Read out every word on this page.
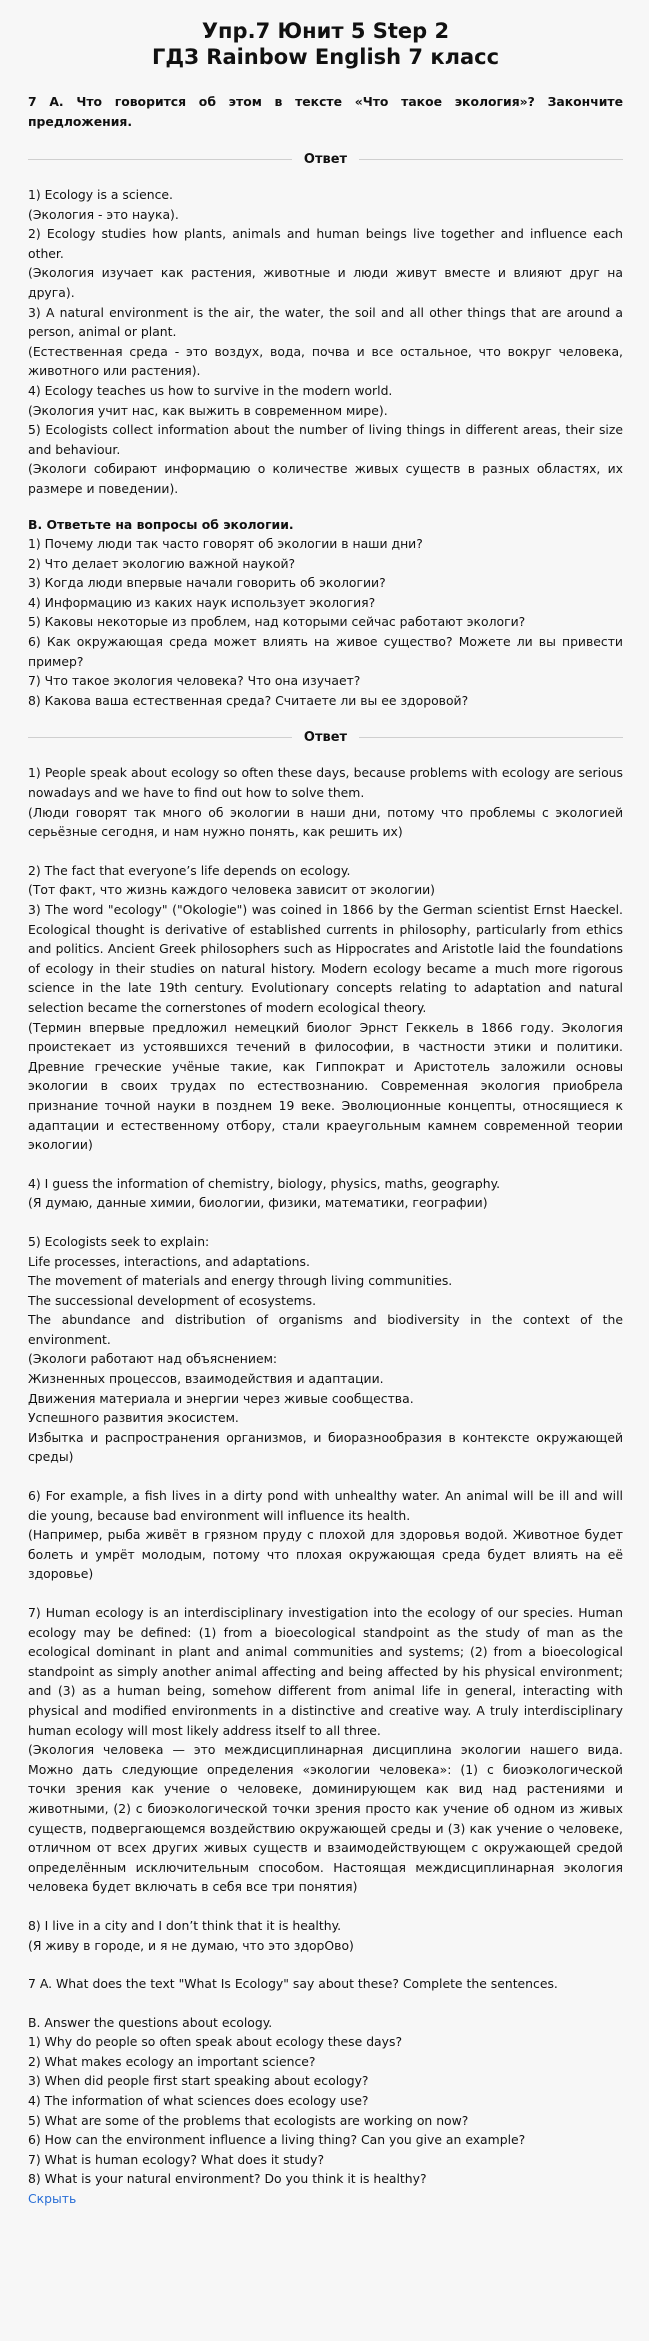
Упр.7 Юнит 5 Step 2
ГДЗ Rainbow English 7 класс

7 А. Что говорится об этом в тексте «Что такое экология»? Закончите предложения.

Ответ

1) Ecology is a science.

(Экология - это наука).

2) Ecology studies how plants, animals and human beings live together and influence each other.

(Экология изучает как растения, животные и люди живут вместе и влияют друг на друга).

3) A natural environment is the air, the water, the soil and all other things that are around a person, animal or plant.

(Естественная среда - это воздух, вода, почва и все остальное, что вокруг человека, животного или растения).

4) Ecology teaches us how to survive in the modern world.

(Экология учит нас, как выжить в современном мире).

5) Ecologists collect information about the number of living things in different areas, their size and behaviour.

(Экологи собирают информацию о количестве живых существ в разных областях, их размере и поведении).

В. Ответьте на вопросы об экологии.

1) Почему люди так часто говорят об экологии в наши дни?

2) Что делает экологию важной наукой?

3) Когда люди впервые начали говорить об экологии?

4) Информацию из каких наук использует экология?

5) Каковы некоторые из проблем, над которыми сейчас работают экологи?

6) Как окружающая среда может влиять на живое существо? Можете ли вы привести пример?

7) Что такое экология человека? Что она изучает?

8) Какова ваша естественная среда? Считаете ли вы ее здоровой?

Ответ

1) People speak about ecology so often these days, because problems with ecology are serious nowadays and we have to find out how to solve them.

(Люди говорят так много об экологии в наши дни, потому что проблемы с экологией серьёзные сегодня, и нам нужно понять, как решить их)

2) The fact that everyone’s life depends on ecology.

(Тот факт, что жизнь каждого человека зависит от экологии)

3) The word "ecology" ("Okologie") was coined in 1866 by the German scientist Ernst Haeckel. Ecological thought is derivative of established currents in philosophy, particularly from ethics and politics. Ancient Greek philosophers such as Hippocrates and Aristotle laid the foundations of ecology in their studies on natural history. Modern ecology became a much more rigorous science in the late 19th century. Evolutionary concepts relating to adaptation and natural selection became the cornerstones of modern ecological theory.

(Термин впервые предложил немецкий биолог Эрнст Геккель в 1866 году. Экология проистекает из устоявшихся течений в философии, в частности этики и политики. Древние греческие учёные такие, как Гиппократ и Аристотель заложили основы экологии в своих трудах по естествознанию. Современная экология приобрела признание точной науки в позднем 19 веке. Эволюционные концепты, относящиеся к адаптации и естественному отбору, стали краеугольным камнем современной теории экологии)

4) I guess the information of chemistry, biology, physics, maths, geography.

(Я думаю, данные химии, биологии, физики, математики, географии)

5) Ecologists seek to explain:

Life processes, interactions, and adaptations.

The movement of materials and energy through living communities.

The successional development of ecosystems.

The abundance and distribution of organisms and biodiversity in the context of the environment.

(Экологи работают над объяснением:

Жизненных процессов, взаимодействия и адаптации.

Движения материала и энергии через живые сообщества.

Успешного развития экосистем.

Избытка и распространения организмов, и биоразнообразия в контексте окружающей среды)

6) For example, a fish lives in a dirty pond with unhealthy water. An animal will be ill and will die young, because bad environment will influence its health.

(Например, рыба живёт в грязном пруду с плохой для здоровья водой. Животное будет болеть и умрёт молодым, потому что плохая окружающая среда будет влиять на её здоровье)

7) Human ecology is an interdisciplinary investigation into the ecology of our species. Human ecology may be defined: (1) from a bioecological standpoint as the study of man as the ecological dominant in plant and animal communities and systems; (2) from a bioecological standpoint as simply another animal affecting and being affected by his physical environment; and (3) as a human being, somehow different from animal life in general, interacting with physical and modified environments in a distinctive and creative way. A truly interdisciplinary human ecology will most likely address itself to all three.

(Экология человека — это междисциплинарная дисциплина экологии нашего вида. Можно дать следующие определения «экологии человека»: (1) с биоэкологической точки зрения как учение о человеке, доминирующем как вид над растениями и животными, (2) с биоэкологической точки зрения просто как учение об одном из живых существ, подвергающемся воздействию окружающей среды и (3) как учение о человеке, отличном от всех других живых существ и взаимодействующем с окружающей средой определённым исключительным способом. Настоящая междисциплинарная экология человека будет включать в себя все три понятия)

8) I live in a city and I don’t think that it is healthy.

(Я живу в городе, и я не думаю, что это здорОво)

7 A. What does the text "What Is Ecology" say about these? Complete the sentences.

B. Answer the questions about ecology.

1) Why do people so often speak about ecology these days?

2) What makes ecology an important science?

3) When did people first start speaking about ecology?

4) The information of what sciences does ecology use?

5) What are some of the problems that ecologists are working on now?

6) How can the environment influence a living thing? Can you give an example?

7) What is human ecology? What does it study?

8) What is your natural environment? Do you think it is healthy?

Скрыть
